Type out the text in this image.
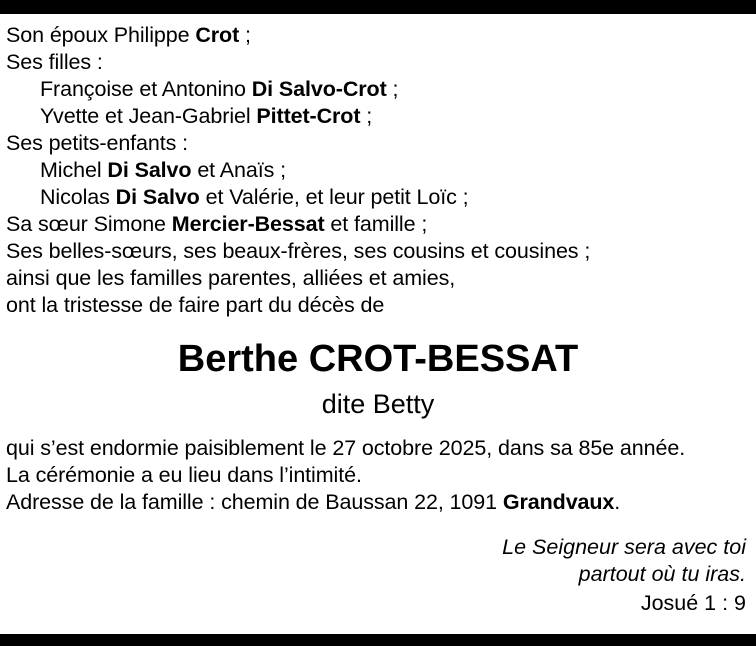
Son époux Philippe Crot ;
Ses filles :
Françoise et Antonino Di Salvo-Crot ;
Yvette et Jean-Gabriel Pittet-Crot ;
Ses petits-enfants :
Michel Di Salvo et Anaïs ;
Nicolas Di Salvo et Valérie, et leur petit Loïc ;
Sa sœur Simone Mercier-Bessat et famille ;
Ses belles-sœurs, ses beaux-frères, ses cousins et cousines ;
ainsi que les familles parentes, alliées et amies,
ont la tristesse de faire part du décès de
Berthe CROT-BESSAT
dite Betty
qui s’est endormie paisiblement le 27 octobre 2025, dans sa 85e année.
La cérémonie a eu lieu dans l’intimité.
Adresse de la famille : chemin de Baussan 22, 1091 Grandvaux.
Le Seigneur sera avec toi
partout où tu iras.
Josué 1 : 9
